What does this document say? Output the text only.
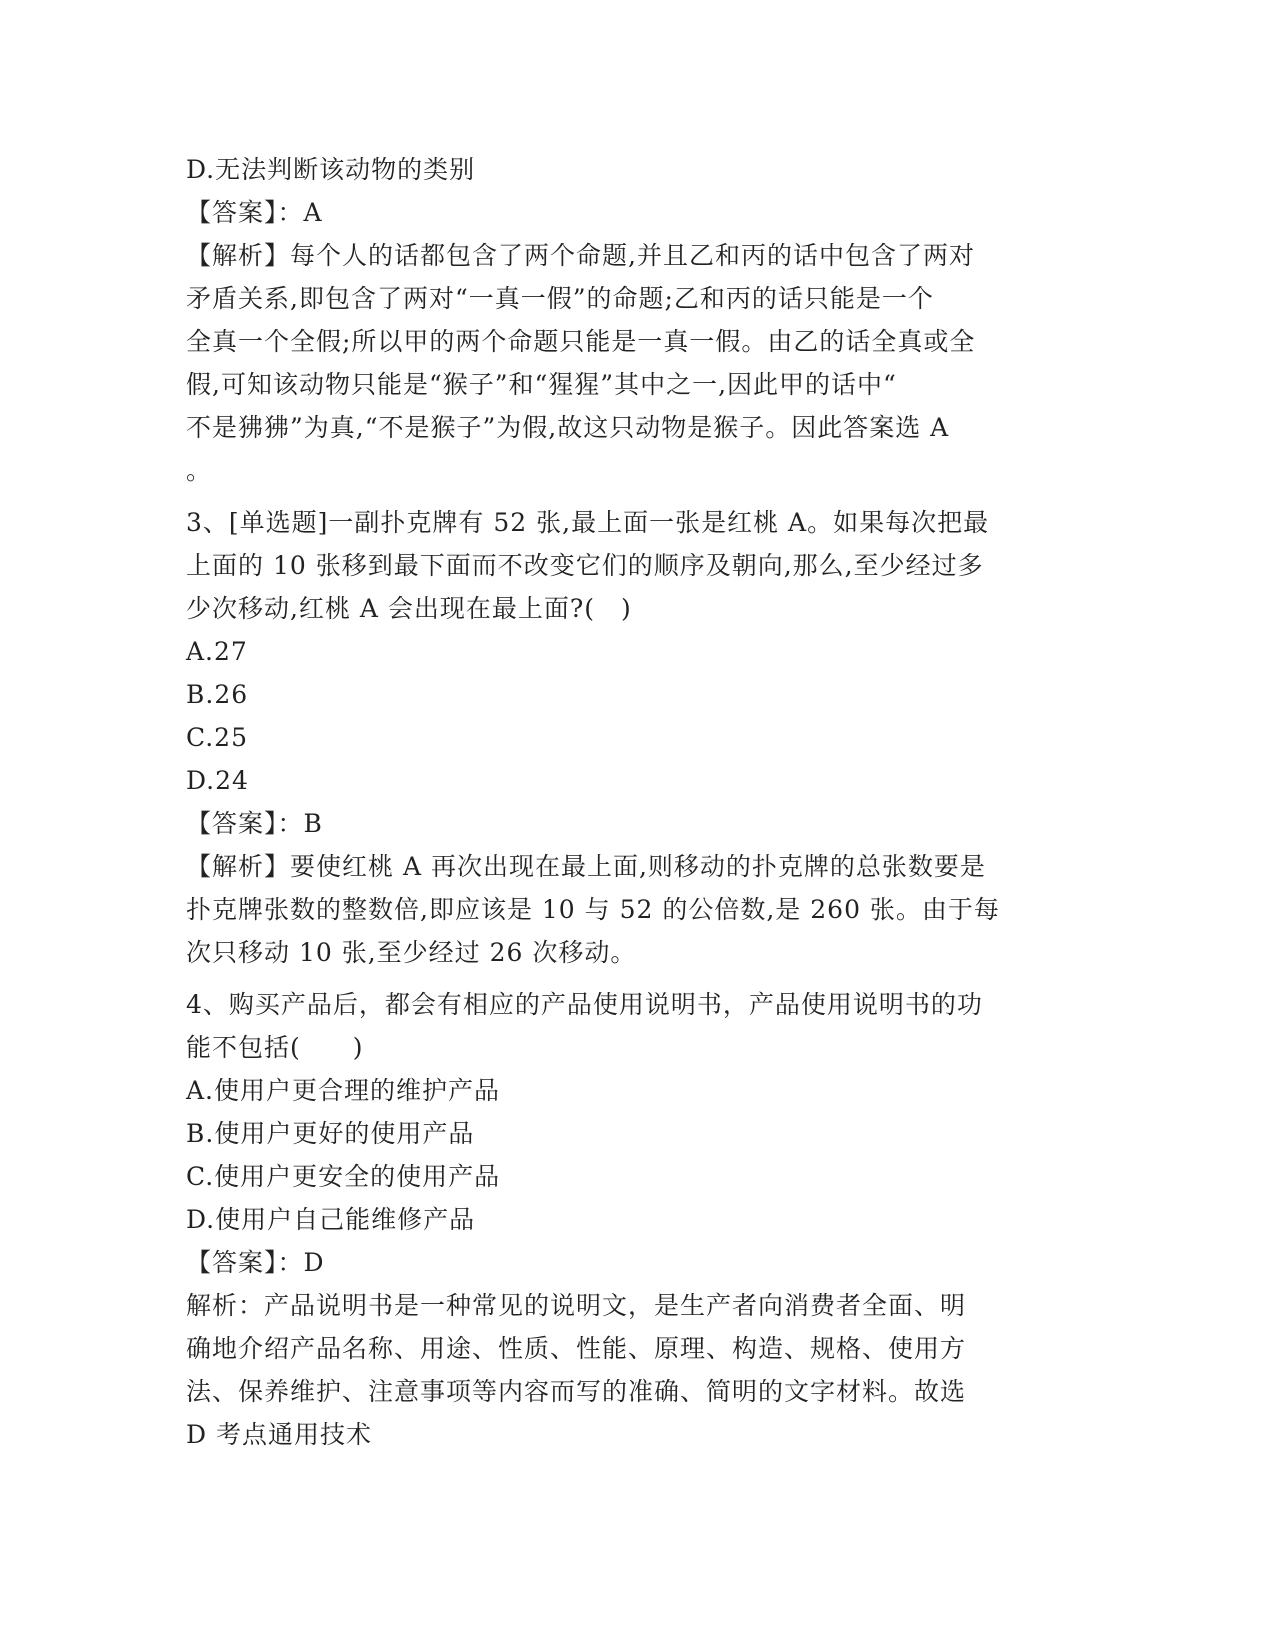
D.无法判断该动物的类别
【答案】：A
【解析】每个人的话都包含了两个命题,并且乙和丙的话中包含了两对
矛盾关系,即包含了两对“一真一假”的命题;乙和丙的话只能是一个
全真一个全假;所以甲的两个命题只能是一真一假。由乙的话全真或全
假,可知该动物只能是“猴子”和“猩猩”其中之一,因此甲的话中“
不是狒狒”为真,“不是猴子”为假,故这只动物是猴子。因此答案选 A
。
3、[单选题]一副扑克牌有 52 张,最上面一张是红桃 A。如果每次把最
上面的 10 张移到最下面而不改变它们的顺序及朝向,那么,至少经过多
少次移动,红桃 A 会出现在最上面?(　)
A.27
B.26
C.25
D.24
【答案】：B
【解析】要使红桃 A 再次出现在最上面,则移动的扑克牌的总张数要是
扑克牌张数的整数倍,即应该是 10 与 52 的公倍数,是 260 张。由于每
次只移动 10 张,至少经过 26 次移动。
4、购买产品后，都会有相应的产品使用说明书，产品使用说明书的功
能不包括(　　)
A.使用户更合理的维护产品
B.使用户更好的使用产品
C.使用户更安全的使用产品
D.使用户自己能维修产品
【答案】：D
解析：产品说明书是一种常见的说明文，是生产者向消费者全面、明
确地介绍产品名称、用途、性质、性能、原理、构造、规格、使用方
法、保养维护、注意事项等内容而写的准确、简明的文字材料。故选
D 考点通用技术
